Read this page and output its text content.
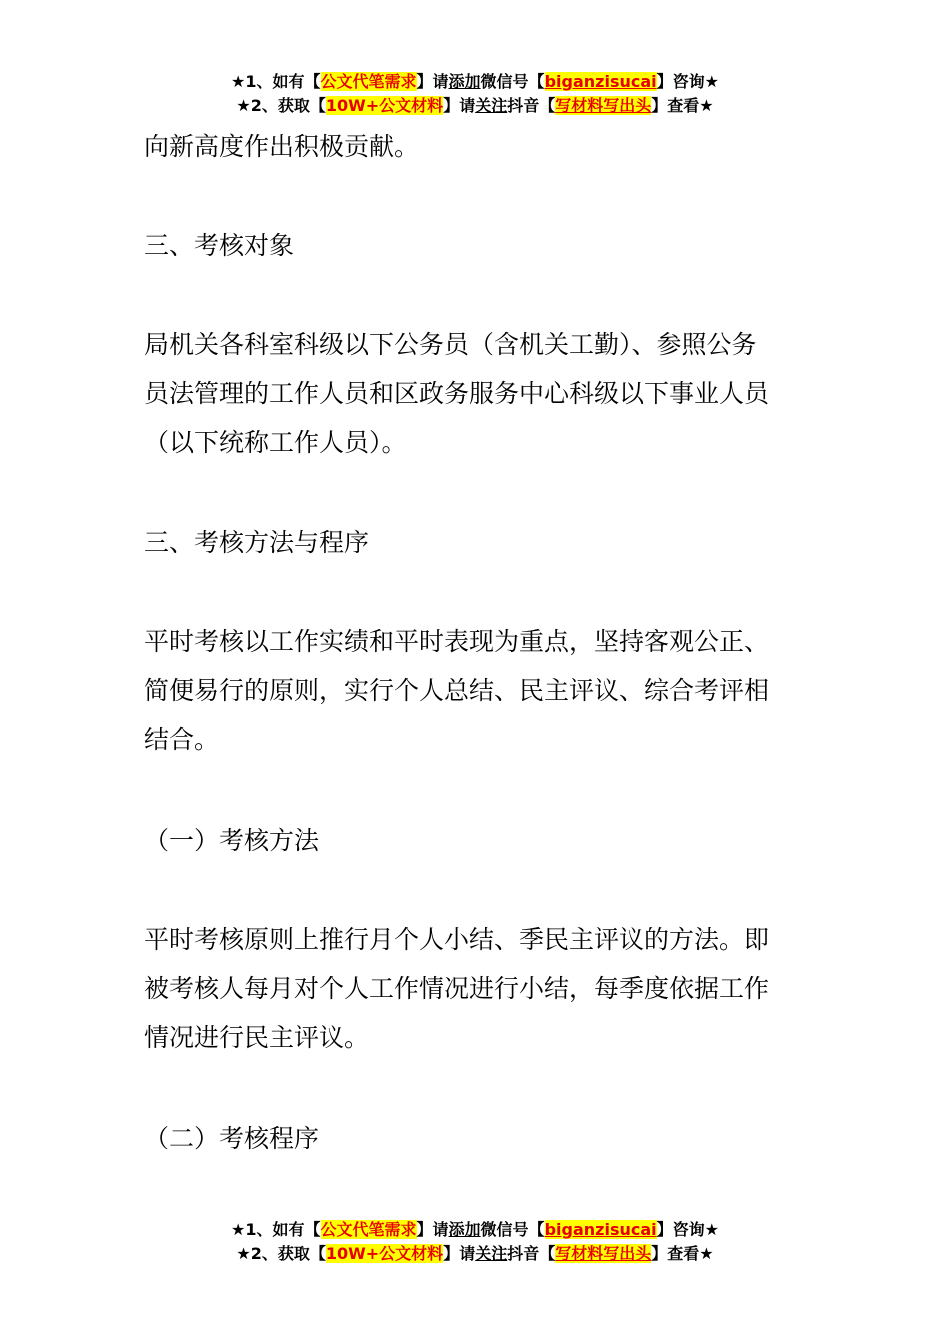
★1、如有【公文代笔需求】请添加微信号【biganzisucai】咨询★
★2、获取【10W+公文材料】请关注抖音【写材料写出头】查看★

向新高度作出积极贡献。

三、考核对象

局机关各科室科级以下公务员（含机关工勤）、参照公务
员法管理的工作人员和区政务服务中心科级以下事业人员
（以下统称工作人员）。

三、考核方法与程序

平时考核以工作实绩和平时表现为重点，坚持客观公正、
简便易行的原则，实行个人总结、民主评议、综合考评相
结合。

（一）考核方法

平时考核原则上推行月个人小结、季民主评议的方法。即
被考核人每月对个人工作情况进行小结，每季度依据工作
情况进行民主评议。

（二）考核程序

★1、如有【公文代笔需求】请添加微信号【biganzisucai】咨询★
★2、获取【10W+公文材料】请关注抖音【写材料写出头】查看★
